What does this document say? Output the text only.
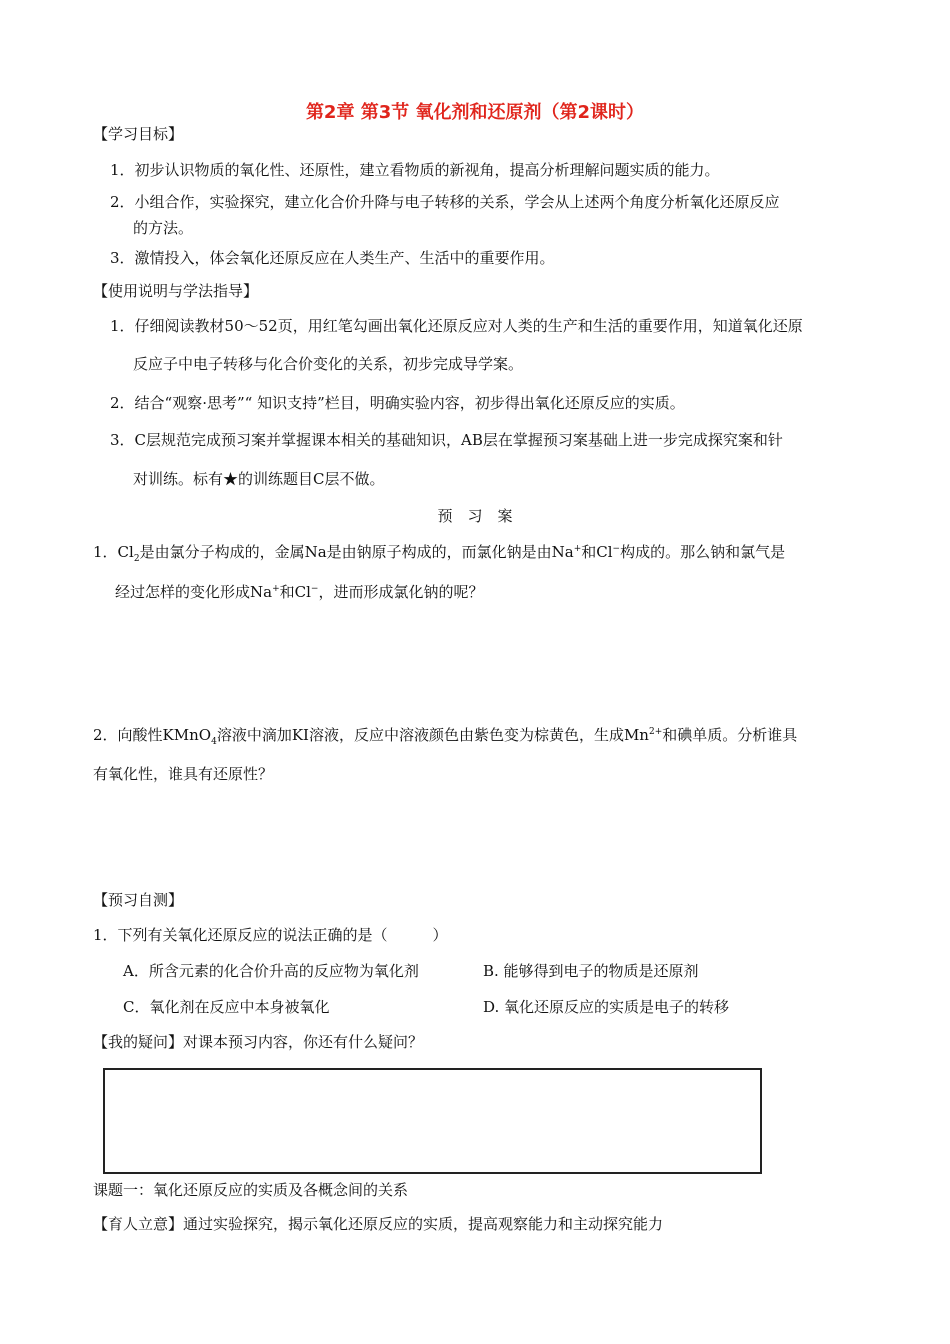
第2章 第3节 氧化剂和还原剂（第2课时）
【学习目标】
1．初步认识物质的氧化性、还原性，建立看物质的新视角，提高分析理解问题实质的能力。
2．小组合作，实验探究，建立化合价升降与电子转移的关系，学会从上述两个角度分析氧化还原反应
的方法。
3．激情投入，体会氧化还原反应在人类生产、生活中的重要作用。
【使用说明与学法指导】
1．仔细阅读教材50～52页，用红笔勾画出氧化还原反应对人类的生产和生活的重要作用，知道氧化还原
反应子中电子转移与化合价变化的关系，初步完成导学案。
2．结合“观察·思考”“ 知识支持”栏目，明确实验内容，初步得出氧化还原反应的实质。
3．C层规范完成预习案并掌握课本相关的基础知识，AB层在掌握预习案基础上进一步完成探究案和针
对训练。标有★的训练题目C层不做。
预　习　案
1．$Cl_2$是由氯分子构成的，金属Na是由钠原子构成的，而氯化钠是由Na+和Cl−构成的。那么钠和氯气是
经过怎样的变化形成Na+和Cl−，进而形成氯化钠的呢？
2．向酸性KMnO$_4$溶液中滴加KI溶液，反应中溶液颜色由紫色变为棕黄色，生成$Mn^{2+}$和碘单质。分析谁具
有氧化性，谁具有还原性？
【预习自测】
1．下列有关氧化还原反应的说法正确的是（　　　）
A．所含元素的化合价升高的反应物为氧化剂	B. 能够得到电子的物质是还原剂
C．氧化剂在反应中本身被氧化	D. 氧化还原反应的实质是电子的转移
【我的疑问】对课本预习内容，你还有什么疑问？
课题一：氧化还原反应的实质及各概念间的关系
【育人立意】通过实验探究，揭示氧化还原反应的实质，提高观察能力和主动探究能力
